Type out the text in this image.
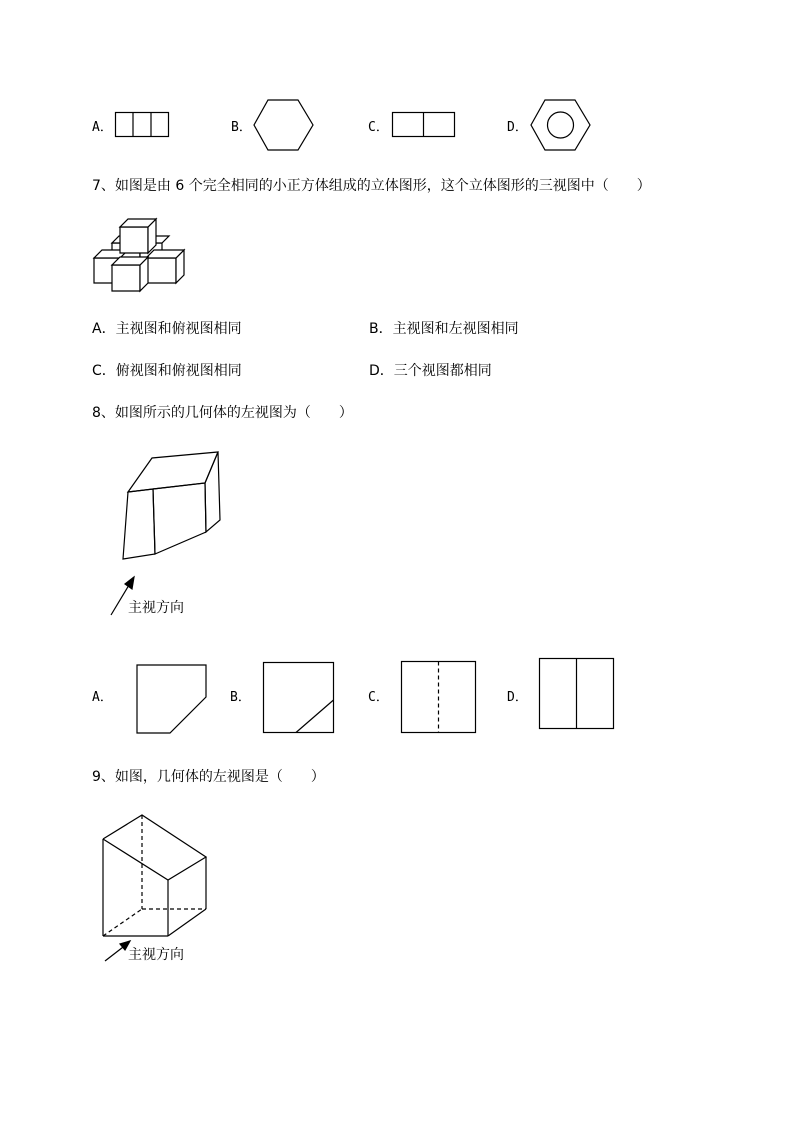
A．	B．	C．	D．
7、如图是由 6 个完全相同的小正方体组成的立体图形，这个立体图形的三视图中（　　）
A．主视图和俯视图相同	B．主视图和左视图相同
C．俯视图和俯视图相同	D．三个视图都相同
8、如图所示的几何体的左视图为（　　）
主视方向
A．	B．	C．	D．
9、如图，几何体的左视图是（　　）
主视方向
